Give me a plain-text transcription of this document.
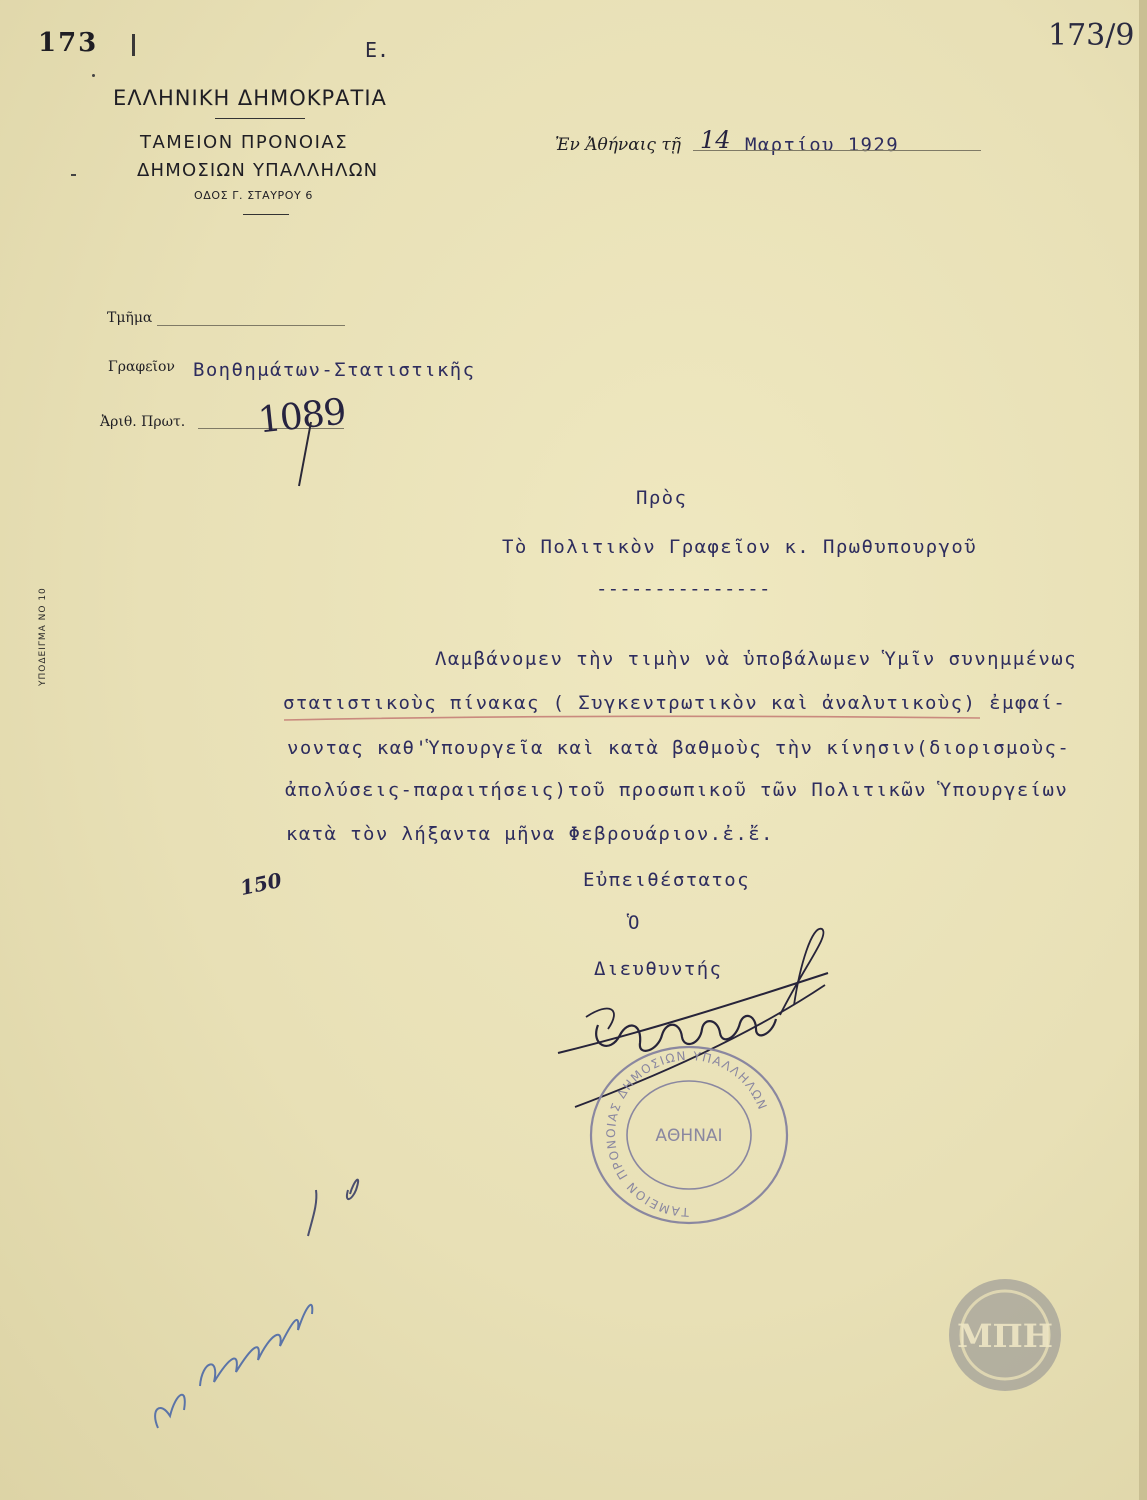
173	173/9
E.
ΕΛΛΗΝΙΚΗ ΔΗΜΟΚΡΑΤΙΑ
ΤΑΜΕΙΟΝ ΠΡΟΝΟΙΑΣ
ΔΗΜΟΣΙΩΝ ΥΠΑΛΛΗΛΩΝ
ΟΔΟΣ Γ. ΣΤΑΥΡΟΥ 6
Ἐν Ἀθήναις τῇ 14 Μαρτίου 1929
Τμῆμα
Γραφεῖον Βοηθημάτων-Στατιστικῆς
Ἀριθ. Πρωτ. 1089
ΥΠΟΔΕΙΓΜΑ ΝΟ 10
Πρὸς
Τὸ Πολιτικὸν Γραφεῖον κ. Πρωθυπουργοῦ
---------------
Λαμβάνομεν τὴν τιμὴν νὰ ὑποβάλωμεν Ὑμῖν συνημμένως
στατιστικοὺς πίνακας ( Συγκεντρωτικὸν καὶ ἀναλυτικοὺς) ἐμφαί-
νοντας καθ'Ὑπουργεῖα καὶ κατὰ βαθμοὺς τὴν κίνησιν(διορισμοὺς-
ἀπολύσεις-παραιτήσεις)τοῦ προσωπικοῦ τῶν Πολιτικῶν Ὑπουργείων
κατὰ τὸν λήξαντα μῆνα Φεβρουάριον.ἐ.ἔ.
150	Εὐπειθέστατος
Ὁ
Διευθυντής
ΤΑΜΕΙΟΝ ΠΡΟΝΟΙΑΣ ΔΗΜΟΣΙΩΝ ΥΠΑΛΛΗΛΩΝ
ΑΘΗΝΑΙ
ΜΠΗ
